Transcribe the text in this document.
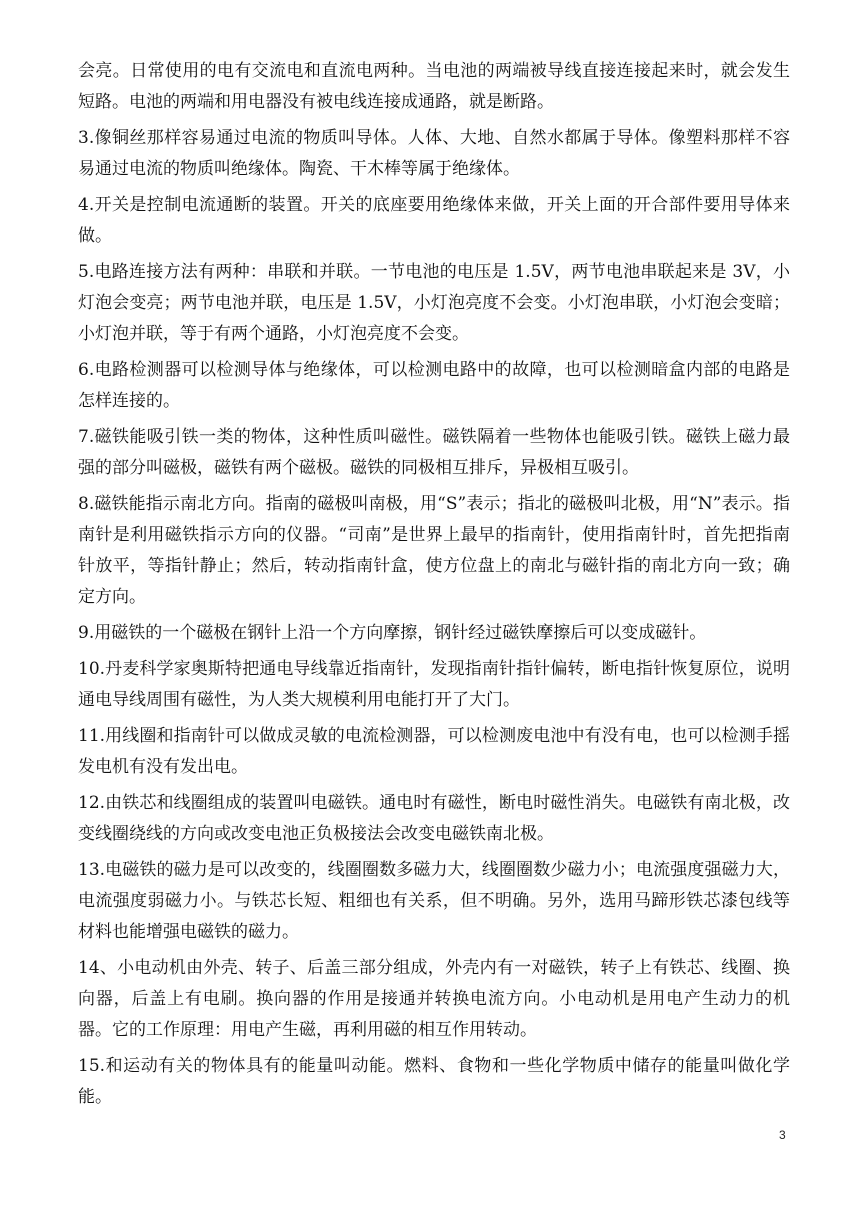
会亮。日常使用的电有交流电和直流电两种。当电池的两端被导线直接连接起来时，就会发生短路。电池的两端和用电器没有被电线连接成通路，就是断路。

3.像铜丝那样容易通过电流的物质叫导体。人体、大地、自然水都属于导体。像塑料那样不容易通过电流的物质叫绝缘体。陶瓷、干木棒等属于绝缘体。

4.开关是控制电流通断的装置。开关的底座要用绝缘体来做，开关上面的开合部件要用导体来做。

5.电路连接方法有两种：串联和并联。一节电池的电压是 1.5V，两节电池串联起来是 3V，小灯泡会变亮；两节电池并联，电压是 1.5V，小灯泡亮度不会变。小灯泡串联，小灯泡会变暗；小灯泡并联，等于有两个通路，小灯泡亮度不会变。

6.电路检测器可以检测导体与绝缘体，可以检测电路中的故障，也可以检测暗盒内部的电路是怎样连接的。

7.磁铁能吸引铁一类的物体，这种性质叫磁性。磁铁隔着一些物体也能吸引铁。磁铁上磁力最强的部分叫磁极，磁铁有两个磁极。磁铁的同极相互排斥，异极相互吸引。

8.磁铁能指示南北方向。指南的磁极叫南极，用“S”表示；指北的磁极叫北极，用“N”表示。指南针是利用磁铁指示方向的仪器。“司南”是世界上最早的指南针，使用指南针时，首先把指南针放平，等指针静止；然后，转动指南针盒，使方位盘上的南北与磁针指的南北方向一致；确定方向。

9.用磁铁的一个磁极在钢针上沿一个方向摩擦，钢针经过磁铁摩擦后可以变成磁针。

10.丹麦科学家奥斯特把通电导线靠近指南针，发现指南针指针偏转，断电指针恢复原位，说明通电导线周围有磁性，为人类大规模利用电能打开了大门。

11.用线圈和指南针可以做成灵敏的电流检测器，可以检测废电池中有没有电，也可以检测手摇发电机有没有发出电。

12.由铁芯和线圈组成的装置叫电磁铁。通电时有磁性，断电时磁性消失。电磁铁有南北极，改变线圈绕线的方向或改变电池正负极接法会改变电磁铁南北极。

13.电磁铁的磁力是可以改变的，线圈圈数多磁力大，线圈圈数少磁力小；电流强度强磁力大，电流强度弱磁力小。与铁芯长短、粗细也有关系，但不明确。另外，选用马蹄形铁芯漆包线等材料也能增强电磁铁的磁力。

14、小电动机由外壳、转子、后盖三部分组成，外壳内有一对磁铁，转子上有铁芯、线圈、换向器，后盖上有电刷。换向器的作用是接通并转换电流方向。小电动机是用电产生动力的机器。它的工作原理：用电产生磁，再利用磁的相互作用转动。

15.和运动有关的物体具有的能量叫动能。燃料、食物和一些化学物质中储存的能量叫做化学能。

3
